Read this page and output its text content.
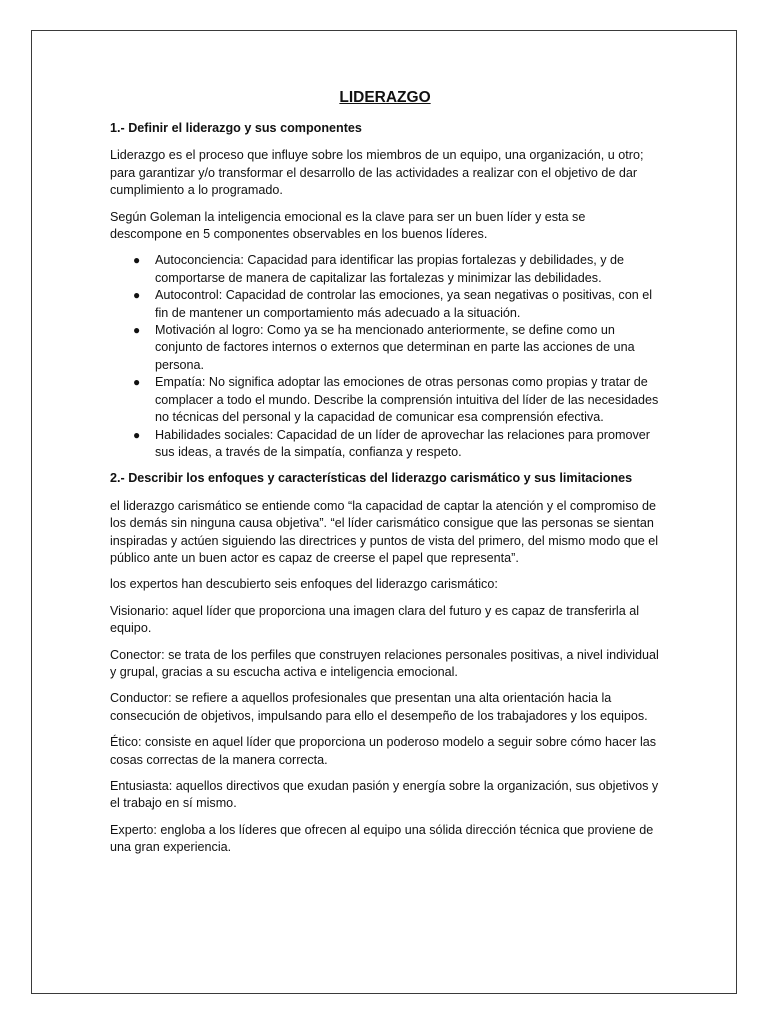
LIDERAZGO
1.- Definir el liderazgo y sus componentes

Liderazgo es el proceso que influye sobre los miembros de un equipo, una organización, u otro; para garantizar y/o transformar el desarrollo de las actividades a realizar con el objetivo de dar cumplimiento a lo programado.

Según Goleman la inteligencia emocional es la clave para ser un buen líder y esta se descompone en 5 componentes observables en los buenos líderes.

● Autoconciencia: Capacidad para identificar las propias fortalezas y debilidades, y de comportarse de manera de capitalizar las fortalezas y minimizar las debilidades.
● Autocontrol: Capacidad de controlar las emociones, ya sean negativas o positivas, con el fin de mantener un comportamiento más adecuado a la situación.
● Motivación al logro: Como ya se ha mencionado anteriormente, se define como un conjunto de factores internos o externos que determinan en parte las acciones de una persona.
● Empatía: No significa adoptar las emociones de otras personas como propias y tratar de complacer a todo el mundo. Describe la comprensión intuitiva del líder de las necesidades no técnicas del personal y la capacidad de comunicar esa comprensión efectiva.
● Habilidades sociales: Capacidad de un líder de aprovechar las relaciones para promover sus ideas, a través de la simpatía, confianza y respeto.
2.- Describir los enfoques y características del liderazgo carismático y sus limitaciones

el liderazgo carismático se entiende como “la capacidad de captar la atención y el compromiso de los demás sin ninguna causa objetiva”. “el líder carismático consigue que las personas se sientan inspiradas y actúen siguiendo las directrices y puntos de vista del primero, del mismo modo que el público ante un buen actor es capaz de creerse el papel que representa”.

los expertos han descubierto seis enfoques del liderazgo carismático:

Visionario: aquel líder que proporciona una imagen clara del futuro y es capaz de transferirla al equipo.

Conector: se trata de los perfiles que construyen relaciones personales positivas, a nivel individual y grupal, gracias a su escucha activa e inteligencia emocional.

Conductor: se refiere a aquellos profesionales que presentan una alta orientación hacia la consecución de objetivos, impulsando para ello el desempeño de los trabajadores y los equipos.

Ético: consiste en aquel líder que proporciona un poderoso modelo a seguir sobre cómo hacer las cosas correctas de la manera correcta.

Entusiasta: aquellos directivos que exudan pasión y energía sobre la organización, sus objetivos y el trabajo en sí mismo.

Experto: engloba a los líderes que ofrecen al equipo una sólida dirección técnica que proviene de una gran experiencia.
